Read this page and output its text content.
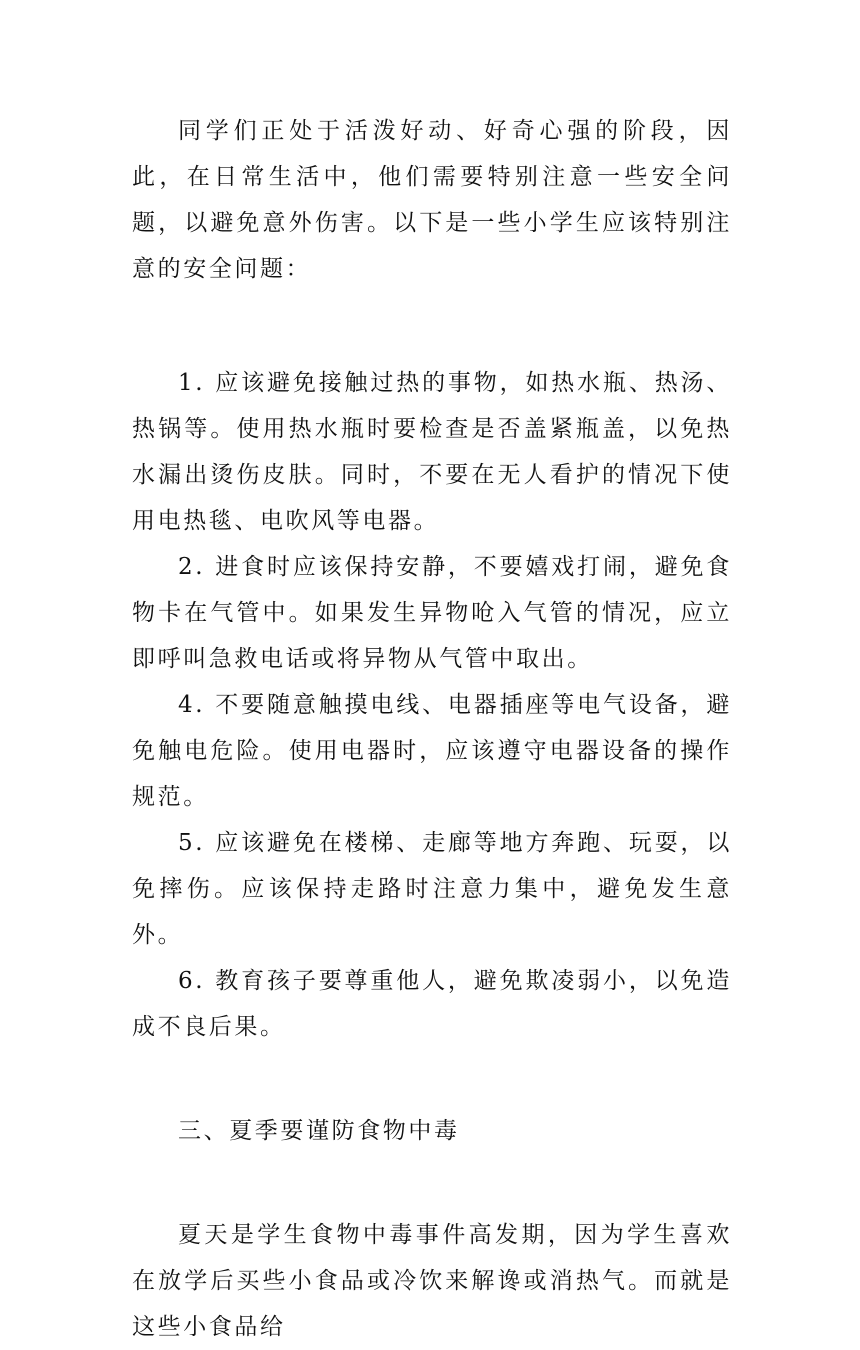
同学们正处于活泼好动、好奇心强的阶段，因此，在日常生活中，他们需要特别注意一些安全问题，以避免意外伤害。以下是一些小学生应该特别注意的安全问题：

1. 应该避免接触过热的事物，如热水瓶、热汤、热锅等。使用热水瓶时要检查是否盖紧瓶盖，以免热水漏出烫伤皮肤。同时，不要在无人看护的情况下使用电热毯、电吹风等电器。

2. 进食时应该保持安静，不要嬉戏打闹，避免食物卡在气管中。如果发生异物呛入气管的情况，应立即呼叫急救电话或将异物从气管中取出。

4. 不要随意触摸电线、电器插座等电气设备，避免触电危险。使用电器时，应该遵守电器设备的操作规范。

5. 应该避免在楼梯、走廊等地方奔跑、玩耍，以免摔伤。应该保持走路时注意力集中，避免发生意外。

6. 教育孩子要尊重他人，避免欺凌弱小，以免造成不良后果。

三、夏季要谨防食物中毒

夏天是学生食物中毒事件高发期，因为学生喜欢在放学后买些小食品或冷饮来解谗或消热气。而就是这些小食品给
